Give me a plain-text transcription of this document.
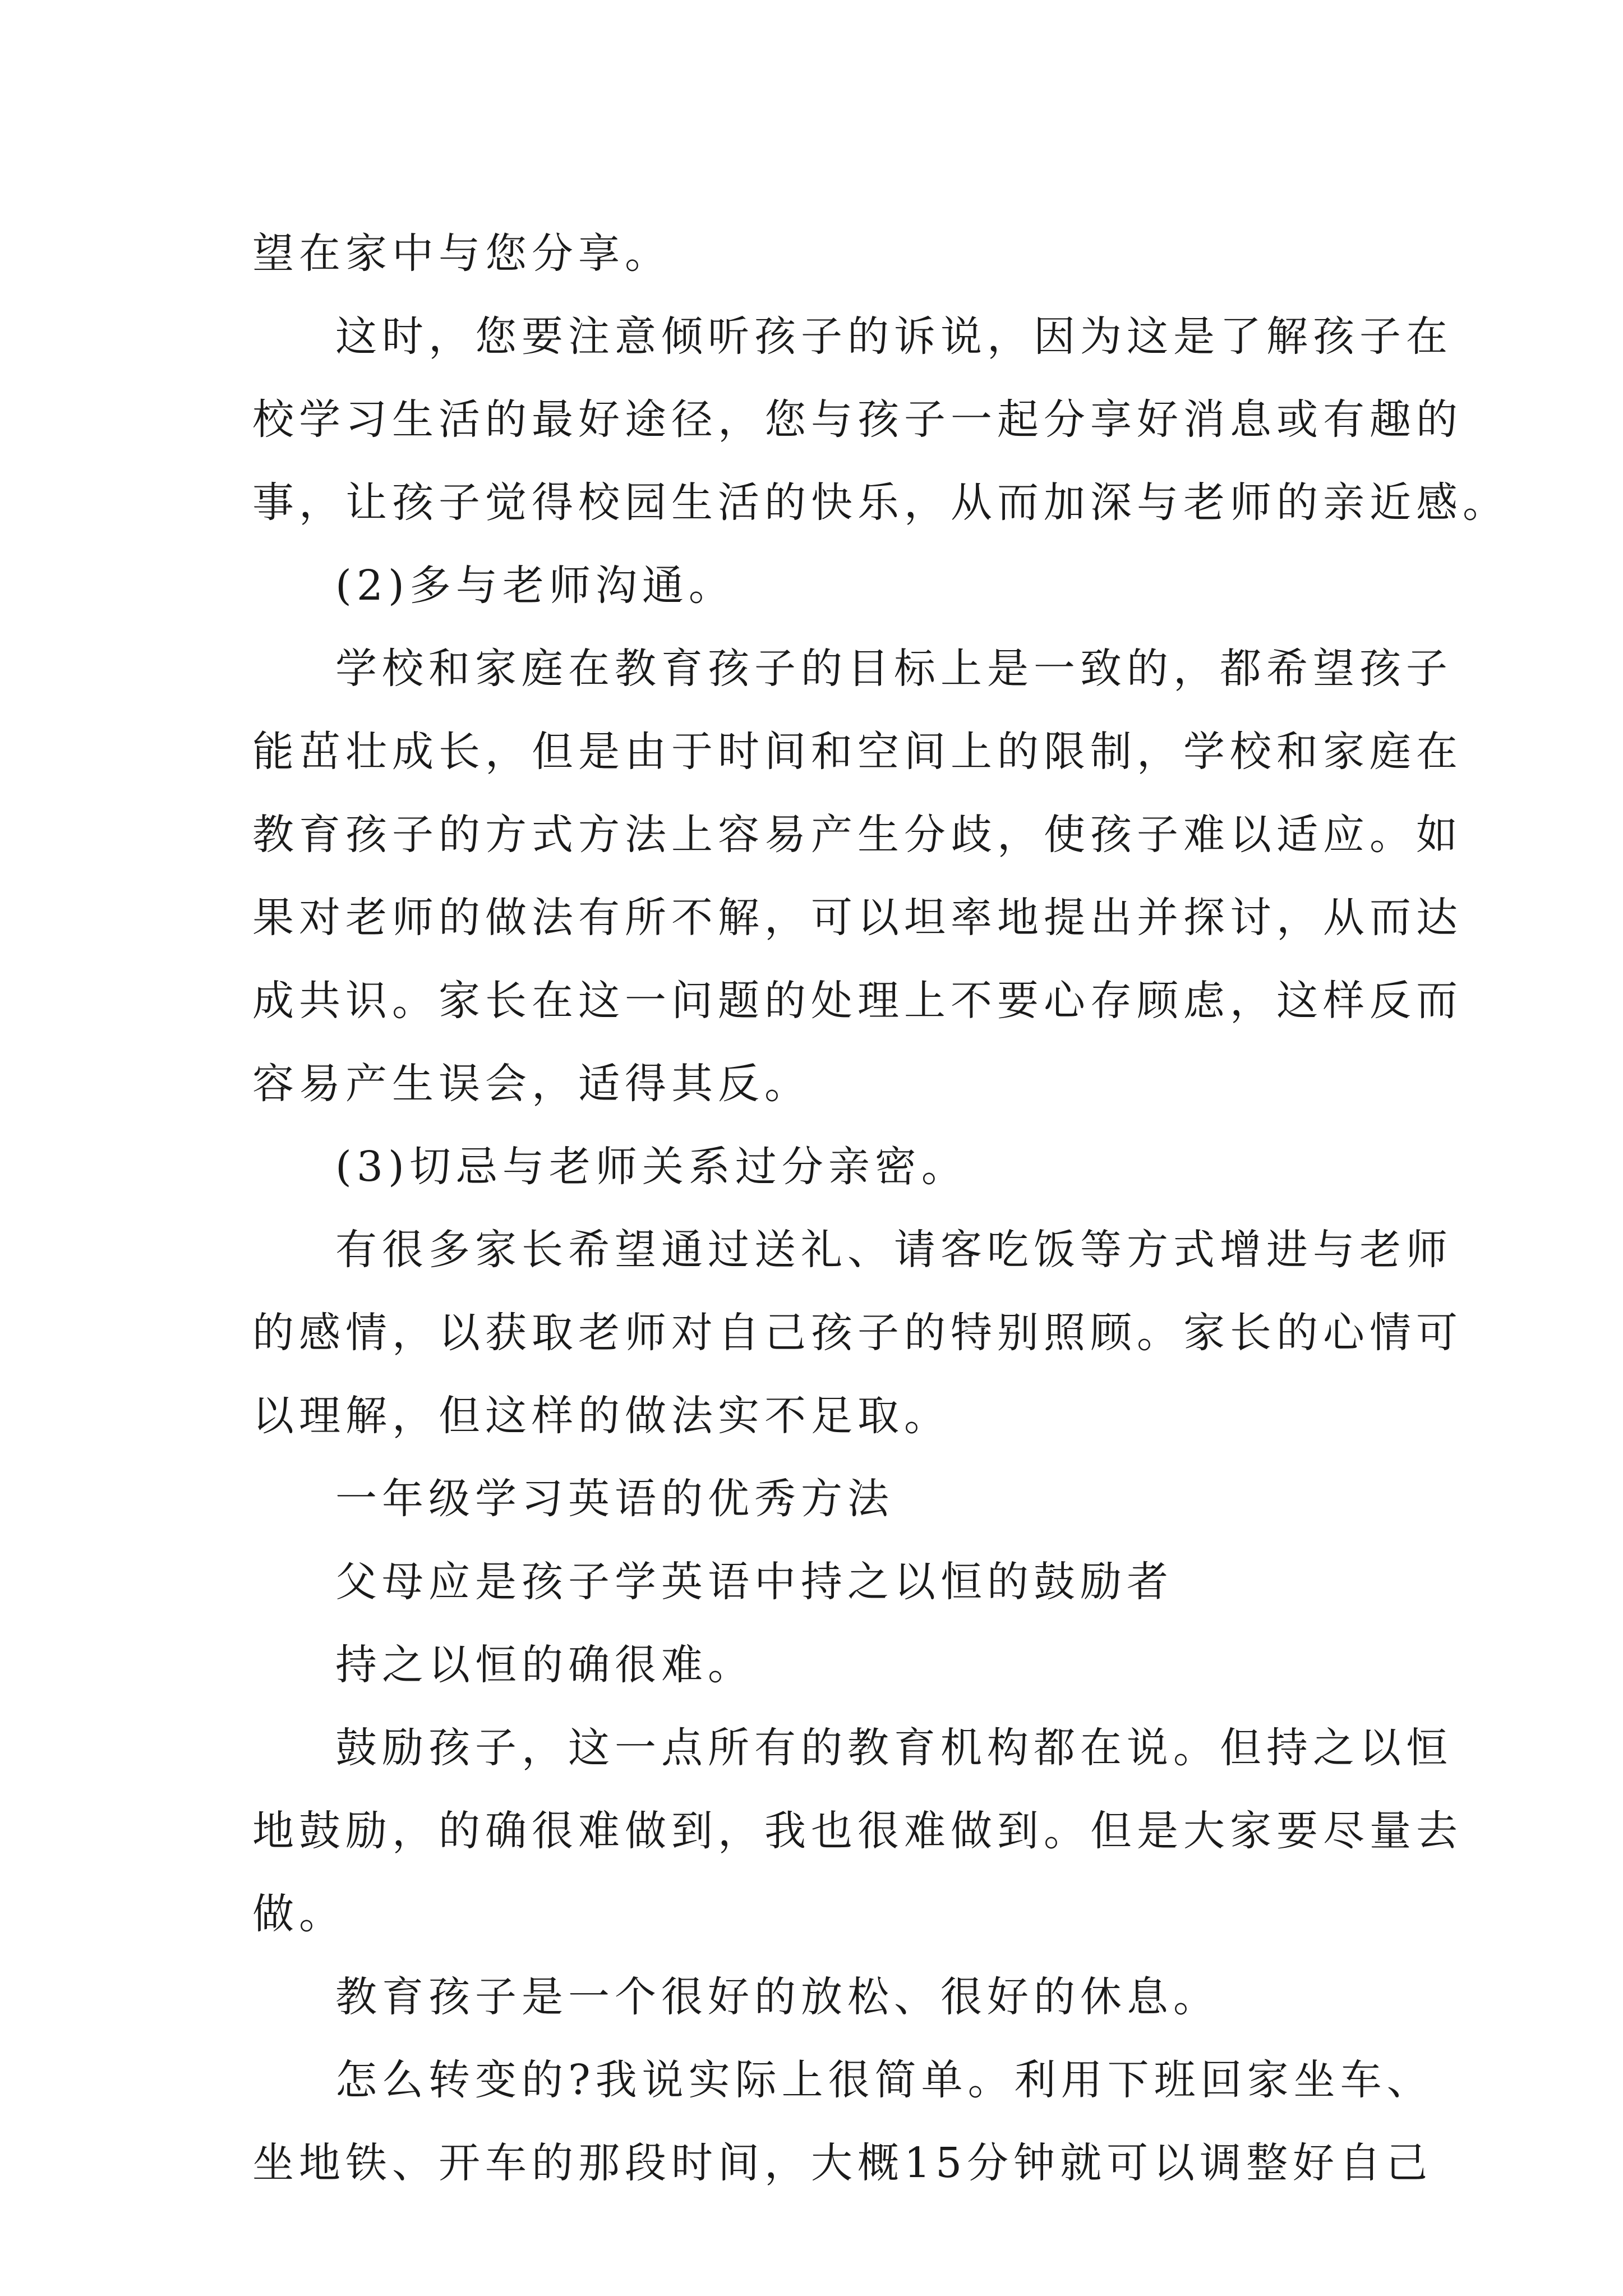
望在家中与您分享。

这时，您要注意倾听孩子的诉说，因为这是了解孩子在
校学习生活的最好途径，您与孩子一起分享好消息或有趣的
事，让孩子觉得校园生活的快乐，从而加深与老师的亲近感。

(2)多与老师沟通。

学校和家庭在教育孩子的目标上是一致的，都希望孩子
能茁壮成长，但是由于时间和空间上的限制，学校和家庭在
教育孩子的方式方法上容易产生分歧，使孩子难以适应。如
果对老师的做法有所不解，可以坦率地提出并探讨，从而达
成共识。家长在这一问题的处理上不要心存顾虑，这样反而
容易产生误会，适得其反。

(3)切忌与老师关系过分亲密。

有很多家长希望通过送礼、请客吃饭等方式增进与老师
的感情，以获取老师对自己孩子的特别照顾。家长的心情可
以理解，但这样的做法实不足取。

一年级学习英语的优秀方法

父母应是孩子学英语中持之以恒的鼓励者

持之以恒的确很难。

鼓励孩子，这一点所有的教育机构都在说。但持之以恒
地鼓励，的确很难做到，我也很难做到。但是大家要尽量去
做。

教育孩子是一个很好的放松、很好的休息。

怎么转变的?我说实际上很简单。利用下班回家坐车、
坐地铁、开车的那段时间，大概15分钟就可以调整好自己
